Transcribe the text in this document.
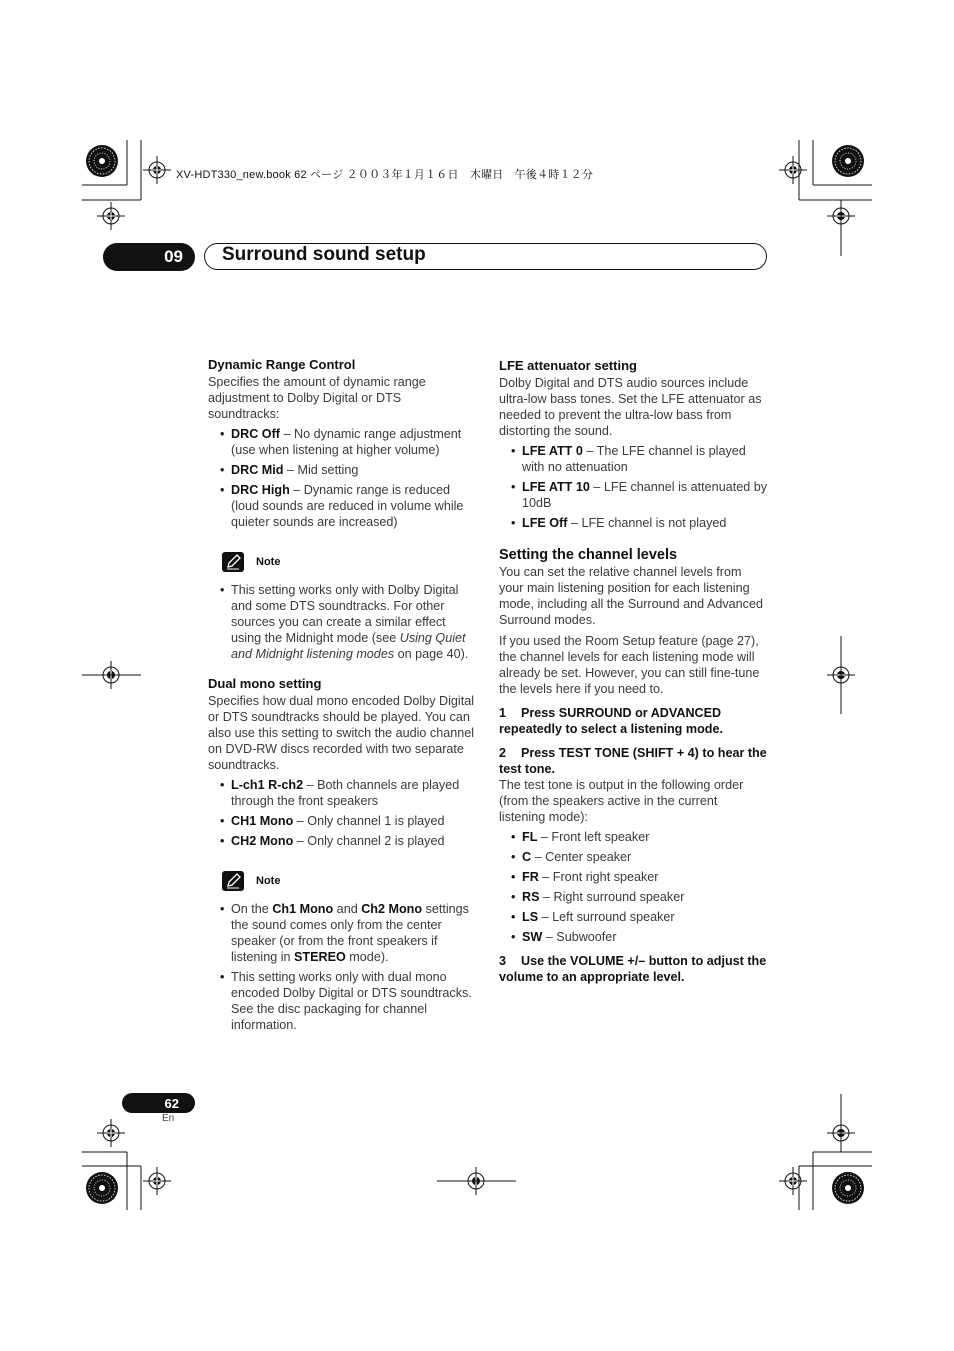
XV-HDT330_new.book 62 ページ ２００３年１月１６日　木曜日　午後４時１２分
09	Surround sound setup
Dynamic Range Control

Specifies the amount of dynamic range adjustment to Dolby Digital or DTS soundtracks:

• DRC Off – No dynamic range adjustment (use when listening at higher volume)
• DRC Mid – Mid setting
• DRC High – Dynamic range is reduced (loud sounds are reduced in volume while quieter sounds are increased)
Note
• This setting works only with Dolby Digital and some DTS soundtracks. For other sources you can create a similar effect using the Midnight mode (see Using Quiet and Midnight listening modes on page 40).
Dual mono setting

Specifies how dual mono encoded Dolby Digital or DTS soundtracks should be played. You can also use this setting to switch the audio channel on DVD-RW discs recorded with two separate soundtracks.

• L-ch1 R-ch2 – Both channels are played through the front speakers
• CH1 Mono – Only channel 1 is played
• CH2 Mono – Only channel 2 is played
Note
• On the Ch1 Mono and Ch2 Mono settings the sound comes only from the center speaker (or from the front speakers if listening in STEREO mode).
• This setting works only with dual mono encoded Dolby Digital or DTS soundtracks. See the disc packaging for channel information.
LFE attenuator setting

Dolby Digital and DTS audio sources include ultra-low bass tones. Set the LFE attenuator as needed to prevent the ultra-low bass from distorting the sound.

• LFE ATT 0 – The LFE channel is played with no attenuation
• LFE ATT 10 – LFE channel is attenuated by 10dB
• LFE Off – LFE channel is not played
Setting the channel levels

You can set the relative channel levels from your main listening position for each listening mode, including all the Surround and Advanced Surround modes.

If you used the Room Setup feature (page 27), the channel levels for each listening mode will already be set. However, you can still fine-tune the levels here if you need to.

1 Press SURROUND or ADVANCED repeatedly to select a listening mode.
2 Press TEST TONE (SHIFT + 4) to hear the test tone.

The test tone is output in the following order (from the speakers active in the current listening mode):

• FL – Front left speaker
• C – Center speaker
• FR – Front right speaker
• RS – Right surround speaker
• LS – Left surround speaker
• SW – Subwoofer
3 Use the VOLUME +/– button to adjust the volume to an appropriate level.
62
En
